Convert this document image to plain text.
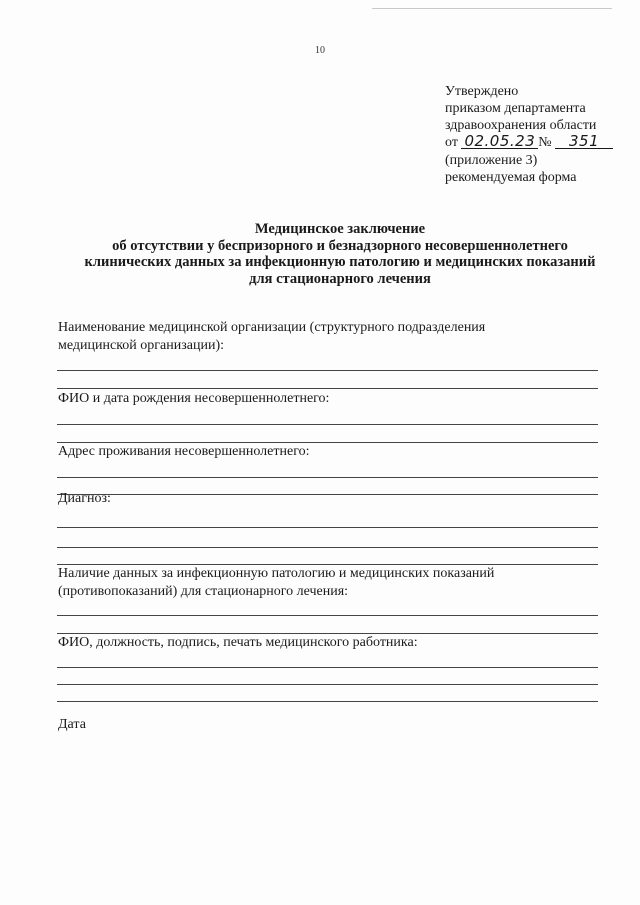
10
Утверждено
приказом департамента
здравоохранения области
от 02.05.23 № 351
(приложение 3)
рекомендуемая форма
Медицинское заключение
об отсутствии у беспризорного и безнадзорного несовершеннолетнего
клинических данных за инфекционную патологию и медицинских показаний
для стационарного лечения
Наименование медицинской организации (структурного подразделения
медицинской организации):
ФИО и дата рождения несовершеннолетнего:
Адрес проживания несовершеннолетнего:
Диагноз:
Наличие данных за инфекционную патологию и медицинских показаний
(противопоказаний) для стационарного лечения:
ФИО, должность, подпись, печать медицинского работника:
Дата
